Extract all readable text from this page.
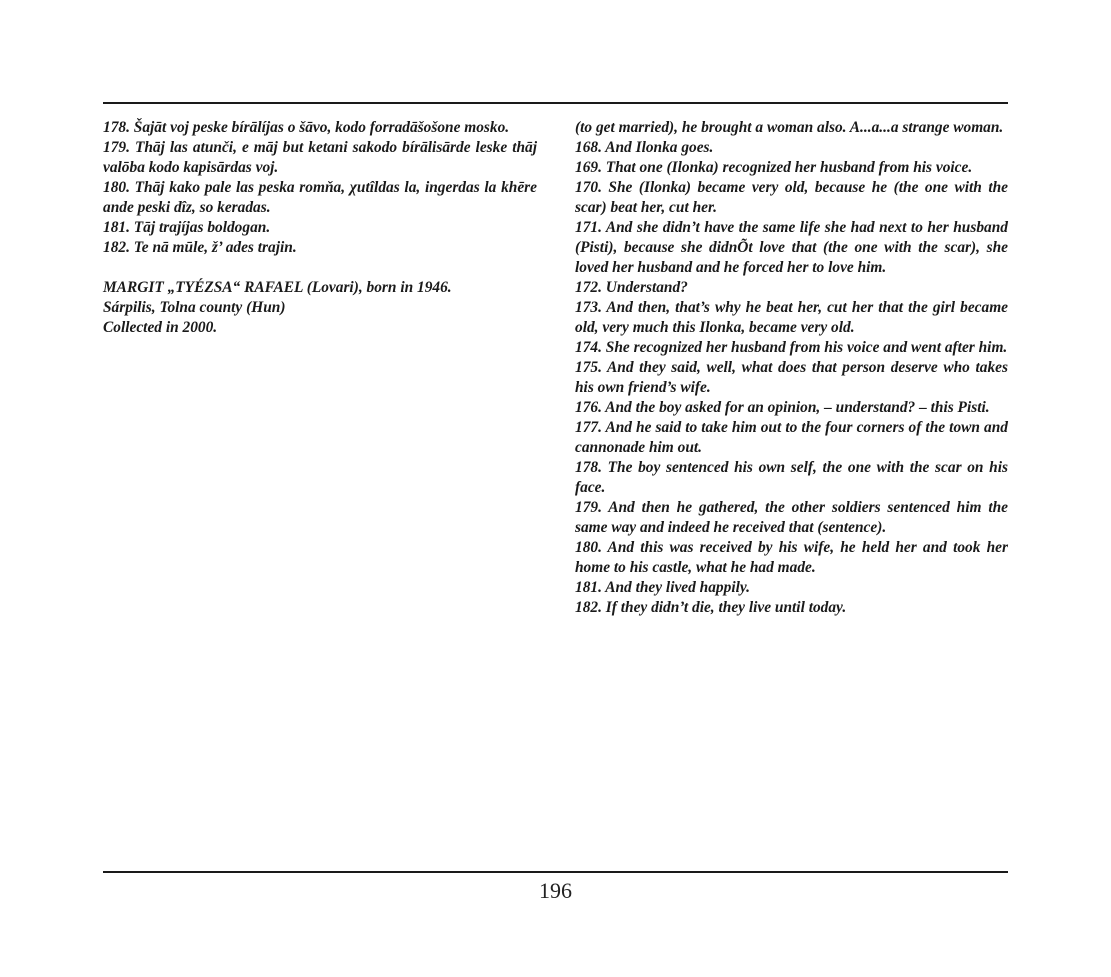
178. Šajāt voj peske bírālíjas o šāvo, kodo forradāšošone mosko.

179. Thāj las atunči, e māj but ketani sakodo bírālisārde leske thāj valōba kodo kapisārdas voj.

180. Thāj kako pale las peska romňa, χutîldas la, ingerdas la khēre ande peski dîz, so keradas.

181. Tāj trajíjas boldogan.

182. Te nā mūle, ž’ ades trajin.

MARGIT „TYÉZSA“ RAFAEL (Lovari), born in 1946.

Sárpilis, Tolna county (Hun)

Collected in 2000.

(to get married), he brought a woman also. A...a...a strange woman.

168. And Ilonka goes.

169. That one (Ilonka) recognized her husband from his voice.

170. She (Ilonka) became very old, because he (the one with the scar) beat her, cut her.

171. And she didn’t have the same life she had next to her husband (Pisti), because she didnÕt love that (the one with the scar), she loved her husband and he forced her to love him.

172. Understand?

173. And then, that’s why he beat her, cut her that the girl became old, very much this Ilonka, became very old.

174. She recognized her husband from his voice and went after him.

175. And they said, well, what does that person deserve who takes his own friend’s wife.

176. And the boy asked for an opinion, – understand? – this Pisti.

177. And he said to take him out to the four corners of the town and cannonade him out.

178. The boy sentenced his own self, the one with the scar on his face.

179. And then he gathered, the other soldiers sentenced him the same way and indeed he received that (sentence).

180. And this was received by his wife, he held her and took her home to his castle, what he had made.

181. And they lived happily.

182. If they didn’t die, they live until today.

196
